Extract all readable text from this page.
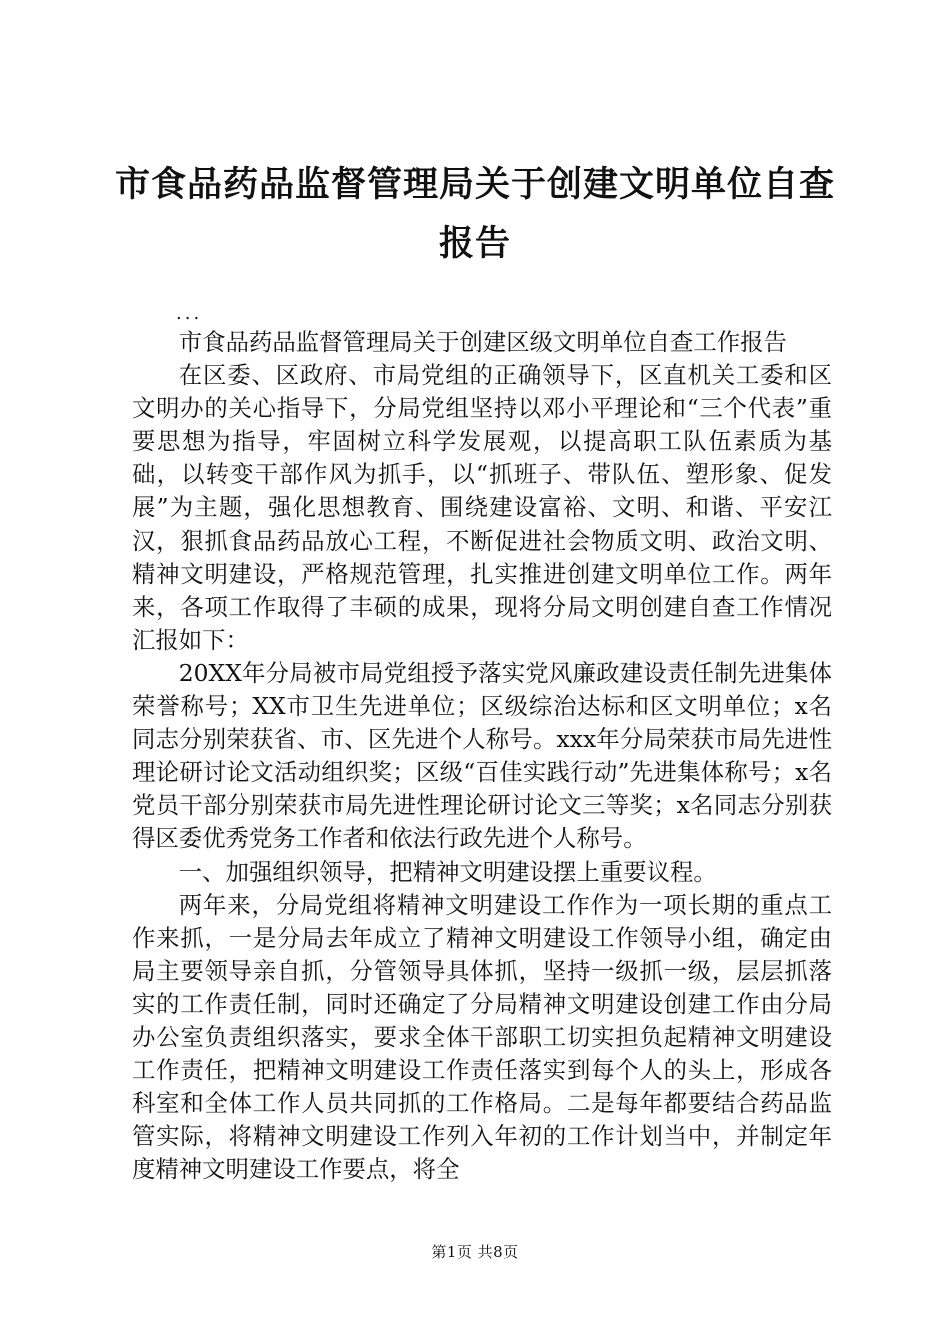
市食品药品监督管理局关于创建文明单位自查
报告
...

市食品药品监督管理局关于创建区级文明单位自查工作报告

在区委、区政府、市局党组的正确领导下，区直机关工委和区文明办的关心指导下，分局党组坚持以邓小平理论和“三个代表”重要思想为指导，牢固树立科学发展观，以提高职工队伍素质为基础，以转变干部作风为抓手，以“抓班子、带队伍、塑形象、促发展”为主题，强化思想教育、围绕建设富裕、文明、和谐、平安江汉，狠抓食品药品放心工程，不断促进社会物质文明、政治文明、精神文明建设，严格规范管理，扎实推进创建文明单位工作。两年来，各项工作取得了丰硕的成果，现将分局文明创建自查工作情况汇报如下：

20XX年分局被市局党组授予落实党风廉政建设责任制先进集体荣誉称号；XX市卫生先进单位；区级综治达标和区文明单位；x名同志分别荣获省、市、区先进个人称号。xxx年分局荣获市局先进性理论研讨论文活动组织奖；区级“百佳实践行动”先进集体称号；x名党员干部分别荣获市局先进性理论研讨论文三等奖；x名同志分别获得区委优秀党务工作者和依法行政先进个人称号。

一、加强组织领导，把精神文明建设摆上重要议程。

两年来，分局党组将精神文明建设工作作为一项长期的重点工作来抓，一是分局去年成立了精神文明建设工作领导小组，确定由局主要领导亲自抓，分管领导具体抓，坚持一级抓一级，层层抓落实的工作责任制，同时还确定了分局精神文明建设创建工作由分局办公室负责组织落实，要求全体干部职工切实担负起精神文明建设工作责任，把精神文明建设工作责任落实到每个人的头上，形成各科室和全体工作人员共同抓的工作格局。二是每年都要结合药品监管实际，将精神文明建设工作列入年初的工作计划当中，并制定年度精神文明建设工作要点，将全

第1页 共8页
